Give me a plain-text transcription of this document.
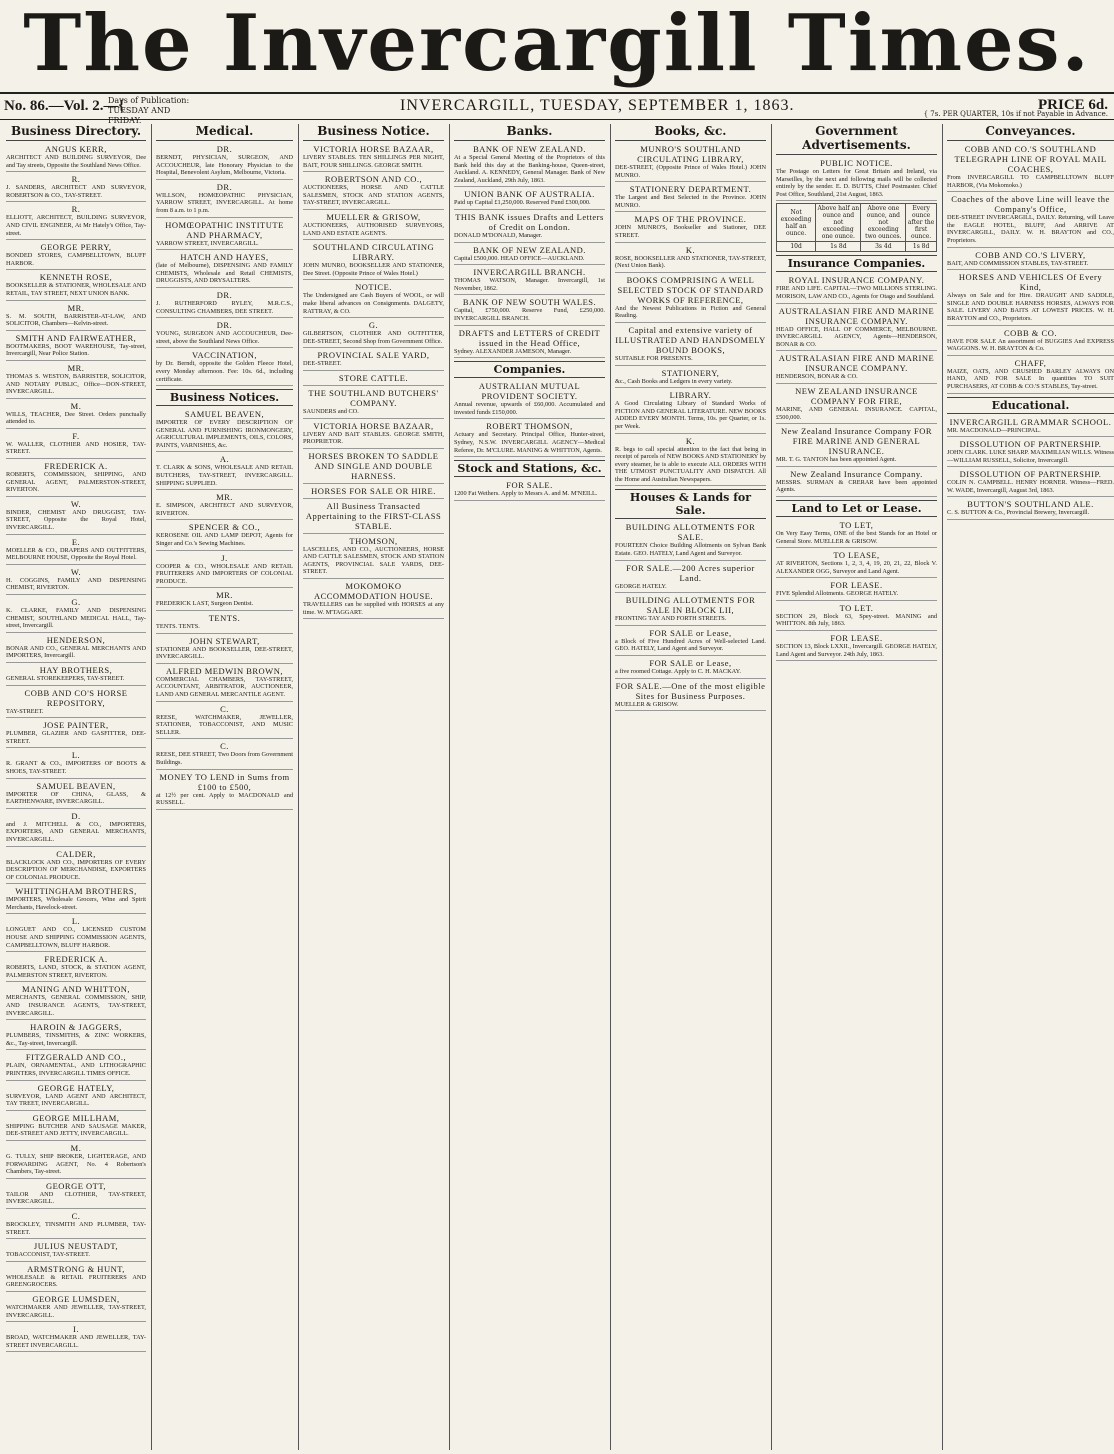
The Invercargill Times.
No. 86.—Vol. 2.—{
Days of Publication: TUESDAY AND FRIDAY.
INVERCARGILL, TUESDAY, SEPTEMBER 1, 1863.	PRICE 6d.
{ 7s. PER QUARTER, 10s if not Payable in Advance.
Business Directory.
ANGUS KERR,
ARCHITECT AND BUILDING SURVEYOR, Dee and Tay streets, Opposite the Southland News Office.
R.
J. SANDERS, ARCHITECT AND SURVEYOR, ROBERTSON & CO., TAY-STREET.
R.
ELLIOTT, ARCHITECT, BUILDING SURVEYOR, AND CIVIL ENGINEER, At Mr Hately's Office, Tay-street.
GEORGE PERRY,
BONDED STORES, CAMPBELLTOWN, BLUFF HARBOR.
KENNETH ROSE,
BOOKSELLER & STATIONER, WHOLESALE AND RETAIL, TAY STREET, NEXT UNION BANK.
MR.
S. M. SOUTH, BARRISTER-AT-LAW, AND SOLICITOR, Chambers—Kelvin-street.
SMITH AND FAIRWEATHER,
BOOTMAKERS, BOOT WAREHOUSE, Tay-street, Invercargill, Near Police Station.
MR.
THOMAS S. WESTON, BARRISTER, SOLICITOR, AND NOTARY PUBLIC, Office—DON-STREET, INVERCARGILL.
M.
WILLS, TEACHER, Dee Street. Orders punctually attended to.
F.
W. WALLER, CLOTHIER AND HOSIER, TAY-STREET.
FREDERICK A.
ROBERTS, COMMISSION, SHIPPING, AND GENERAL AGENT, PALMERSTON-STREET, RIVERTON.
W.
BINDER, CHEMIST AND DRUGGIST, TAY-STREET, Opposite the Royal Hotel, INVERCARGILL.
E.
MOELLER & CO., DRAPERS AND OUTFITTERS, MELBOURNE HOUSE, Opposite the Royal Hotel.
W.
H. COGGINS, FAMILY AND DISPENSING CHEMIST, RIVERTON.
G.
K. CLARKE, FAMILY AND DISPENSING CHEMIST, SOUTHLAND MEDICAL HALL, Tay-street, Invercargill.
HENDERSON,
BONAR AND CO., GENERAL MERCHANTS AND IMPORTERS, Invercargill.
HAY BROTHERS,
GENERAL STOREKEEPERS, TAY-STREET.
COBB AND CO'S HORSE REPOSITORY,
TAY-STREET.
JOSE PAINTER,
PLUMBER, GLAZIER AND GASFITTER, DEE-STREET.
L.
R. GRANT & CO., IMPORTERS OF BOOTS & SHOES, TAY-STREET.
SAMUEL BEAVEN,
IMPORTER OF CHINA, GLASS, & EARTHENWARE, INVERCARGILL.
D.
and J. MITCHELL & CO., IMPORTERS, EXPORTERS, AND GENERAL MERCHANTS, INVERCARGILL.
CALDER,
BLACKLOCK AND CO., IMPORTERS OF EVERY DESCRIPTION OF MERCHANDISE, EXPORTERS OF COLONIAL PRODUCE.
WHITTINGHAM BROTHERS,
IMPORTERS, Wholesale Grocers, Wine and Spirit Merchants, Havelock-street.
L.
LONGUET AND CO., LICENSED CUSTOM HOUSE AND SHIPPING COMMISSION AGENTS, CAMPBELLTOWN, BLUFF HARBOR.
FREDERICK A.
ROBERTS, LAND, STOCK, & STATION AGENT, PALMERSTON STREET, RIVERTON.
MANING AND WHITTON,
MERCHANTS, GENERAL COMMISSION, SHIP, AND INSURANCE AGENTS, TAY-STREET, INVERCARGILL.
HAROIN & JAGGERS,
PLUMBERS, TINSMITHS, & ZINC WORKERS, &c., Tay-street, Invercargill.
FITZGERALD AND CO.,
PLAIN, ORNAMENTAL, AND LITHOGRAPHIC PRINTERS, INVERCARGILL TIMES OFFICE.
GEORGE HATELY,
SURVEYOR, LAND AGENT AND ARCHITECT, TAY TREET, INVERCARGILL.
GEORGE MILLHAM,
SHIPPING BUTCHER AND SAUSAGE MAKER, DEE-STREET AND JETTY, INVERCARGILL.
M.
G. TULLY, SHIP BROKER, LIGHTERAGE, AND FORWARDING AGENT, No. 4 Robertson's Chambers, Tay-street.
GEORGE OTT,
TAILOR AND CLOTHIER, TAY-STREET, INVERCARGILL.
C.
BROCKLEY, TINSMITH AND PLUMBER, TAY-STREET.
JULIUS NEUSTADT,
TOBACCONIST, TAY-STREET.
ARMSTRONG & HUNT,
WHOLESALE & RETAIL FRUITERERS AND GREENGROCERS.
GEORGE LUMSDEN,
WATCHMAKER AND JEWELLER, TAY-STREET, INVERCARGILL.
I.
BROAD, WATCHMAKER AND JEWELLER, TAY-STREET INVERCARGILL.
Medical.
DR.
BERNDT, PHYSICIAN, SURGEON, AND ACCOUCHEUR, late Honorary Physician to the Hospital, Benevolent Asylum, Melbourne, Victoria.
DR.
WILLSON, HOMŒOPATHIC PHYSICIAN, YARROW STREET, INVERCARGILL. At home from 8 a.m. to 1 p.m.
HOMŒOPATHIC INSTITUTE AND PHARMACY,
YARROW STREET, INVERCARGILL.
HATCH AND HAYES,
(late of Melbourne), DISPENSING AND FAMILY CHEMISTS, Wholesale and Retail CHEMISTS, DRUGGISTS, AND DRYSALTERS.
DR.
J. RUTHERFORD RYLEY, M.R.C.S., CONSULTING CHAMBERS, DEE STREET.
DR.
YOUNG, SURGEON AND ACCOUCHEUR, Dee-street, above the Southland News Office.
VACCINATION,
by Dr. Berndt, opposite the Golden Fleece Hotel, every Monday afternoon. Fee: 10s. 6d., including certificate.
Business Notices.
SAMUEL BEAVEN,
IMPORTER OF EVERY DESCRIPTION OF GENERAL AND FURNISHING IRONMONGERY, AGRICULTURAL IMPLEMENTS, OILS, COLORS, PAINTS, VARNISHES, &c.
A.
T. CLARK & SONS, WHOLESALE AND RETAIL BUTCHERS, TAY-STREET, INVERCARGILL. SHIPPING SUPPLIED.
MR.
E. SIMPSON, ARCHITECT AND SURVEYOR, RIVERTON.
SPENCER & CO.,
KEROSENE OIL AND LAMP DEPOT, Agents for Singer and Co.'s Sewing Machines.
J.
COOPER & CO., WHOLESALE AND RETAIL FRUITERERS AND IMPORTERS OF COLONIAL PRODUCE.
MR.
FREDERICK LAST, Surgeon Dentist.
TENTS.
TENTS. TENTS.
JOHN STEWART,
STATIONER AND BOOKSELLER, DEE-STREET, INVERCARGILL.
ALFRED MEDWIN BROWN,
COMMERCIAL CHAMBERS, TAY-STREET, ACCOUNTANT, ARBITRATOR, AUCTIONEER, LAND AND GENERAL MERCANTILE AGENT.
C.
REESE, WATCHMAKER, JEWELLER, STATIONER, TOBACCONIST, AND MUSIC SELLER.
C.
REESE, DEE STREET, Two Doors from Government Buildings.
MONEY TO LEND in Sums from £100 to £500,
at 12½ per cent. Apply to MACDONALD and RUSSELL.
Business Notice.
VICTORIA HORSE BAZAAR,
LIVERY STABLES. TEN SHILLINGS PER NIGHT, BAIT, FOUR SHILLINGS. GEORGE SMITH.
ROBERTSON AND CO.,
AUCTIONEERS, HORSE AND CATTLE SALESMEN, STOCK AND STATION AGENTS, TAY-STREET, INVERCARGILL.
MUELLER & GRISOW,
AUCTIONEERS, AUTHORISED SURVEYORS, LAND AND ESTATE AGENTS.
SOUTHLAND CIRCULATING LIBRARY.
JOHN MUNRO, BOOKSELLER AND STATIONER, Dee Street. (Opposite Prince of Wales Hotel.)
NOTICE.
The Undersigned are Cash Buyers of WOOL, or will make liberal advances on Consignments. DALGETY, RATTRAY, & CO.
G.
GILBERTSON, CLOTHIER AND OUTFITTER, DEE-STREET, Second Shop from Government Office.
PROVINCIAL SALE YARD,
DEE-STREET.
STORE CATTLE.
THE SOUTHLAND BUTCHERS' COMPANY.
SAUNDERS and CO.
VICTORIA HORSE BAZAAR,
LIVERY AND BAIT STABLES. GEORGE SMITH, PROPRIETOR.
HORSES BROKEN TO SADDLE AND SINGLE AND DOUBLE HARNESS.
HORSES FOR SALE OR HIRE.
All Business Transacted Appertaining to the FIRST-CLASS STABLE.
THOMSON,
LASCELLES, AND CO., AUCTIONEERS, HORSE AND CATTLE SALESMEN, STOCK AND STATION AGENTS, PROVINCIAL SALE YARDS, DEE-STREET.
MOKOMOKO ACCOMMODATION HOUSE.
TRAVELLERS can be supplied with HORSES at any time. W. M'TAGGART.
Banks.
BANK OF NEW ZEALAND.
At a Special General Meeting of the Proprietors of this Bank held this day at the Banking-house, Queen-street, Auckland. A. KENNEDY, General Manager. Bank of New Zealand, Auckland, 29th July, 1863.
UNION BANK OF AUSTRALIA.
Paid up Capital £1,250,000. Reserved Fund £300,000.
THIS BANK issues Drafts and Letters of Credit on London.
DONALD M'DONALD, Manager.
BANK OF NEW ZEALAND.
Capital £500,000. HEAD OFFICE—AUCKLAND.
INVERCARGILL BRANCH.
THOMAS WATSON, Manager. Invercargill, 1st November, 1862.
BANK OF NEW SOUTH WALES.
Capital, £750,000. Reserve Fund, £250,000. INVERCARGILL BRANCH.
DRAFTS and LETTERS of CREDIT issued in the Head Office,
Sydney. ALEXANDER JAMESON, Manager.
Companies.
AUSTRALIAN MUTUAL PROVIDENT SOCIETY.
Annual revenue, upwards of £60,000. Accumulated and invested funds £150,000.
ROBERT THOMSON,
Actuary and Secretary. Principal Office, Hunter-street, Sydney, N.S.W. INVERCARGILL AGENCY—Medical Referee, Dr. M'CLURE. MANING & WHITTON, Agents.
Stock and Stations, &c.
FOR SALE.
1200 Fat Wethers. Apply to Messrs A. and M. M'NEILL.
Books, &c.
MUNRO'S SOUTHLAND CIRCULATING LIBRARY,
DEE-STREET, (Opposite Prince of Wales Hotel.) JOHN MUNRO.
STATIONERY DEPARTMENT.
The Largest and Best Selected in the Province. JOHN MUNRO.
MAPS OF THE PROVINCE.
JOHN MUNRO'S, Bookseller and Stationer, DEE STREET.
K.
ROSE, BOOKSELLER AND STATIONER, TAY-STREET, (Next Union Bank).
BOOKS COMPRISING A WELL SELECTED STOCK OF STANDARD WORKS OF REFERENCE,
And the Newest Publications in Fiction and General Reading.
Capital and extensive variety of ILLUSTRATED AND HANDSOMELY BOUND BOOKS,
SUITABLE FOR PRESENTS.
STATIONERY,
&c., Cash Books and Ledgers in every variety.
LIBRARY.
A Good Circulating Library of Standard Works of FICTION AND GENERAL LITERATURE. NEW BOOKS ADDED EVERY MONTH. Terms, 10s. per Quarter, or 1s. per Week.
K.
R. begs to call special attention to the fact that being in receipt of parcels of NEW BOOKS AND STATIONERY by every steamer, he is able to execute ALL ORDERS WITH THE UTMOST PUNCTUALITY AND DISPATCH. All the Home and Australian Newspapers.
Houses & Lands for Sale.
BUILDING ALLOTMENTS FOR SALE.
FOURTEEN Choice Building Allotments on Sylvan Bank Estate. GEO. HATELY, Land Agent and Surveyor.
FOR SALE.—200 Acres superior Land.
GEORGE HATELY.
BUILDING ALLOTMENTS FOR SALE IN BLOCK LII,
FRONTING TAY AND FORTH STREETS.
FOR SALE or Lease,
a Block of Five Hundred Acres of Well-selected Land. GEO. HATELY, Land Agent and Surveyor.
FOR SALE or Lease,
a five roomed Cottage. Apply to C. H. MACKAY.
FOR SALE.—One of the most eligible Sites for Business Purposes.
MUELLER & GRISOW.
Government Advertisements.
PUBLIC NOTICE.
The Postage on Letters for Great Britain and Ireland, via Marseilles, by the next and following mails will be collected entirely by the sender. E. D. BUTTS, Chief Postmaster. Chief Post Office, Southland, 21st August, 1863.
Not exceeding half an ounce.	Above half an ounce and not exceeding one ounce.	Above one ounce, and not exceeding two ounces.	Every ounce after the first ounce.
10d	1s 8d	3s 4d	1s 8d
Insurance Companies.
ROYAL INSURANCE COMPANY.
FIRE AND LIFE. CAPITAL—TWO MILLIONS STERLING. MORISON, LAW AND CO., Agents for Otago and Southland.
AUSTRALASIAN FIRE AND MARINE INSURANCE COMPANY.
HEAD OFFICE, HALL OF COMMERCE, MELBOURNE. INVERCARGILL AGENCY, Agents—HENDERSON, BONAR & CO.
AUSTRALASIAN FIRE AND MARINE INSURANCE COMPANY.
HENDERSON, BONAR & CO.
NEW ZEALAND INSURANCE COMPANY FOR FIRE,
MARINE, AND GENERAL INSURANCE. CAPITAL, £500,000.
New Zealand Insurance Company FOR FIRE MARINE AND GENERAL INSURANCE.
MR. T. G. TANTON has been appointed Agent.
New Zealand Insurance Company.
MESSRS. SURMAN & CRERAR have been appointed Agents.
Land to Let or Lease.
TO LET,
On Very Easy Terms, ONE of the best Stands for an Hotel or General Store. MUELLER & GRISOW.
TO LEASE,
AT RIVERTON, Sections 1, 2, 3, 4, 19, 20, 21, 22, Block V. ALEXANDER OGG, Surveyor and Land Agent.
FOR LEASE.
FIVE Splendid Allotments. GEORGE HATELY.
TO LET.
SECTION 29, Block 63, Spey-street. MANING and WHITTON. 8th July, 1863.
FOR LEASE.
SECTION 13, Block LXXII., Invercargill. GEORGE HATELY, Land Agent and Surveyor. 24th July, 1863.
Conveyances.
COBB AND CO.'S SOUTHLAND TELEGRAPH LINE OF ROYAL MAIL COACHES,
From INVERCARGILL TO CAMPBELLTOWN BLUFF HARBOR, (Via Mokomoko.)
Coaches of the above Line will leave the Company's Office,
DEE-STREET INVERCARGILL, DAILY. Returning, will Leave the EAGLE HOTEL, BLUFF, And ARRIVE AT INVERCARGILL, DAILY. W. H. BRAYTON and CO., Proprietors.
COBB AND CO.'S LIVERY,
BAIT, AND COMMISSION STABLES, TAY-STREET.
HORSES AND VEHICLES Of Every Kind,
Always on Sale and for Hire. DRAUGHT AND SADDLE, SINGLE AND DOUBLE HARNESS HORSES, ALWAYS FOR SALE. LIVERY AND BAITS AT LOWEST PRICES. W. H. BRAYTON and CO., Proprietors.
COBB & CO.
HAVE FOR SALE An assortment of BUGGIES And EXPRESS WAGGONS. W. H. BRAYTON & Co.
CHAFF,
MAIZE, OATS, AND CRUSHED BARLEY ALWAYS ON HAND, AND FOR SALE In quantities TO SUIT PURCHASERS, AT COBB & CO.'S STABLES, Tay-street.
Educational.
INVERCARGILL GRAMMAR SCHOOL.
MR. MACDONALD—PRINCIPAL.
DISSOLUTION OF PARTNERSHIP.
JOHN CLARK. LUKE SHARP. MAXIMILIAN WILLS. Witness—WILLIAM RUSSELL, Solicitor, Invercargill.
DISSOLUTION OF PARTNERSHIP.
COLIN N. CAMPBELL. HENRY HORNER. Witness—FRED. W. WADE, Invercargill, August 3rd, 1863.
BUTTON'S SOUTHLAND ALE.
C. S. BUTTON & Co., Provincial Brewery, Invercargill.
